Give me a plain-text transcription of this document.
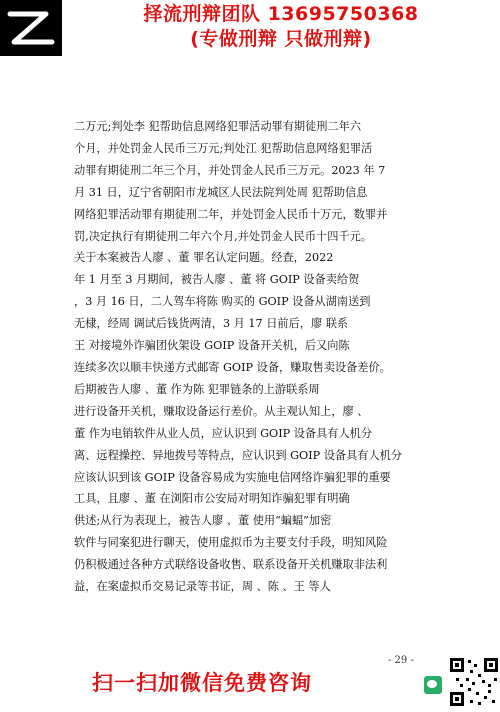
择流刑辩团队 13695750368
(专做刑辩 只做刑辩)
二万元;判处李 犯帮助信息网络犯罪活动罪有期徒刑二年六
个月，并处罚金人民币三万元;判处江 犯帮助信息网络犯罪活
动罪有期徒刑二年三个月，并处罚金人民币三万元。2023 年 7
月 31 日，辽宁省朝阳市龙城区人民法院判处周 犯帮助信息
网络犯罪活动罪有期徒刑二年，并处罚金人民币十万元，数罪并
罚,决定执行有期徒刑二年六个月,并处罚金人民币十四千元。
关于本案被告人廖 、董 罪名认定问题。经查，2022
年 1 月至 3 月期间，被告人廖 、董 将 GOIP 设备卖给贺
，3 月 16 日，二人驾车将陈 购买的 GOIP 设备从湖南送到
无棣，经周 调试后钱货两清，3 月 17 日前后，廖 联系
王 对接境外诈骗团伙架设 GOIP 设备开关机，后又向陈
连续多次以顺丰快递方式邮寄 GOIP 设备，赚取售卖设备差价。
后期被告人廖 、董 作为陈 犯罪链条的上游联系周
进行设备开关机，赚取设备运行差价。从主观认知上，廖 、
董 作为电销软件从业人员，应认识到 GOIP 设备具有人机分
离、远程操控、异地拨号等特点，应认识到 GOIP 设备具有人机分
应该认识到该 GOIP 设备容易成为实施电信网络诈骗犯罪的重要
工具，且廖 、董 在浏阳市公安局对明知诈骗犯罪有明确
供述;从行为表现上，被告人廖 、董 使用“蝙蝠”加密
软件与同案犯进行聊天，使用虚拟币为主要支付手段，明知风险
仍积极通过各种方式联络设备收售、联系设备开关机赚取非法利
益，在案虚拟币交易记录等书证，周 、陈 、王 等人
- 29 -
扫一扫加微信免费咨询
